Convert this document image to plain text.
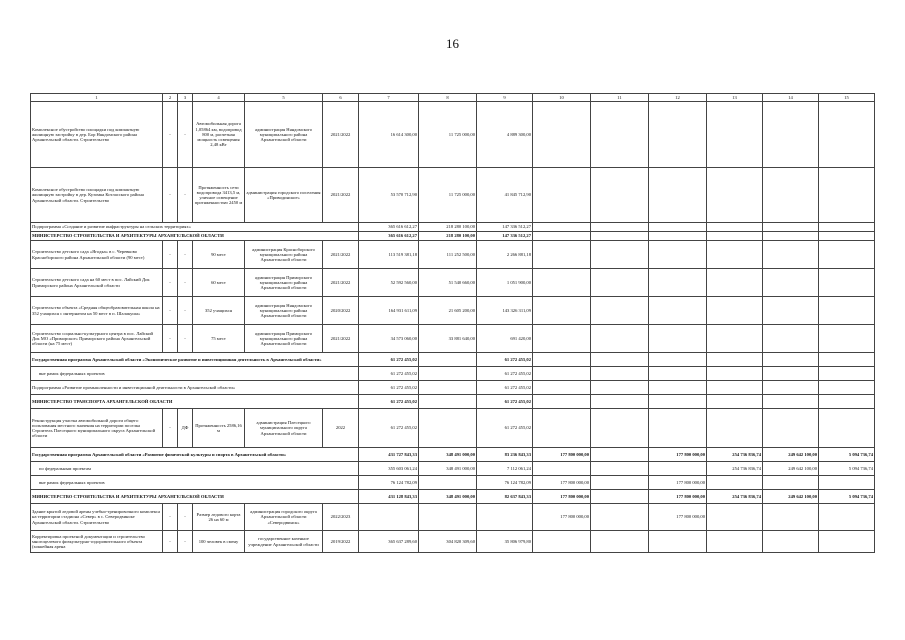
16
1	2	3	4	5	6	7	8	9	10	11	12	13	14	15
Комплексное обустройство площадки под компактную жилищную застройку в дер. Бор Няндомского района Архангельской области. Строительство	-	-	Автомобильная дорога 1,05864 км, водопровод 800 м, расчетная мощность освещения 2,48 кВт	администрация Няндомского муниципального района Архангельской области	2021/2022	16 614 300,00	11 725 000,00	4 889 300,00						
Комплексное обустройство площадки под компактную жилищную застройку в дер. Кузомка Котласского района Архангельской области. Строительство	-	-	Протяженность сети водопровода 3413,5 м, уличное освещение протяженностью 2450 м	администрация городского поселения «Приводинское»	2021/2022	53 570 712,90	11 725 000,00	41 845 712,90						
Подпрограмма «Создание и развитие инфраструктуры на сельских территориях»						365 616 612,27	218 280 100,00	147 336 512,27						
МИНИСТЕРСТВО СТРОИТЕЛЬСТВА И АРХИТЕКТУРЫ АРХАНГЕЛЬСКОЙ ОБЛАСТИ						365 616 612,27	218 280 100,00	147 336 512,27						
Строительство детского сада «Ягодка» в с. Черевково Красноборского района Архангельской области (90 мест)	-	-	90 мест	администрация Красноборского муниципального района Архангельской области	2021/2022	113 519 381,18	111 252 500,00	2 266 881,18						
Строительство детского сада на 60 мест в пос. Лайский Док Приморского района Архангельской области	-	-	60 мест	администрация Приморского муниципального района Архангельской области	2021/2022	52 592 560,00	51 540 660,00	1 051 900,00						
Строительство объекта «Средняя общеобразовательная школа на 352 учащихся с интернатом на 50 мест в п. Шалакуша»	-	-	352 учащихся	администрация Няндомского муниципального района Архангельской области	2020/2022	164 931 611,09	21 605 200,00	143 326 311,09						
Строительство социально-культурного центра в пос. Лайский Док МО «Приморское» Приморского района Архангельской области (на 75 мест)	-	-	75 мест	администрация Приморского муниципального района Архангельской области	2021/2022	34 573 060,00	33 881 640,00	691 420,00						
Государственная программа Архангельской области «Экономическое развитие и инвестиционная деятельность в Архангельской области»						61 272 455,02		61 272 455,02						
вне рамок федеральных проектов						61 272 455,02		61 272 455,02						
Подпрограмма «Развитие промышленности и инвестиционной деятельности в Архангельской области»						61 272 455,02		61 272 455,02						
МИНИСТЕРСТВО ТРАНСПОРТА АРХАНГЕЛЬСКОЙ ОБЛАСТИ						61 272 455,02		61 272 455,02						
Реконструкция участка автомобильной дороги общего пользования местного значения на территории поселка Строитель Плесецкого муниципального округа Архангельской области	-	ДФ	Протяженность 2586,16 м	администрация Плесецкого муниципального округа Архангельской области	2022	61 272 455,02		61 272 455,02						
Государственная программа Архангельской области «Развитие физической культуры и спорта в Архангельской области»						431 727 843,33	348 491 000,00	83 236 843,33	177 800 000,00		177 800 000,00	254 736 836,74	249 642 100,00	5 094 736,74
по федеральным проектам						355 603 061,24	348 491 000,00	7 112 061,24				254 736 836,74	249 642 100,00	5 094 736,74
вне рамок федеральных проектов						76 124 782,09		76 124 782,09	177 800 000,00		177 800 000,00			
МИНИСТЕРСТВО СТРОИТЕЛЬСТВА И АРХИТЕКТУРЫ АРХАНГЕЛЬСКОЙ ОБЛАСТИ						431 128 843,33	348 491 000,00	82 637 843,33	177 800 000,00		177 800 000,00	254 736 836,74	249 642 100,00	5 094 736,74
Здание крытой ледовой арены учебно-тренировочного комплекса на территории стадиона «Север» в с. Северодвинске Архангельской области. Строительство	-	-	Размер ледового корта 26 на 60 м	администрация городского округа Архангельской области «Северодвинск»	2022/2023				177 800 000,00		177 800 000,00			
Корректировка проектной документации и строительство многоцелевого физкультурно-оздоровительного объекта (хоккейная арена	-	-	100 человек в смену	государственное казенное учреждение Архангельской области	2019/2022	365 637 289,60	304 820 309,60	35 806 979,80						
